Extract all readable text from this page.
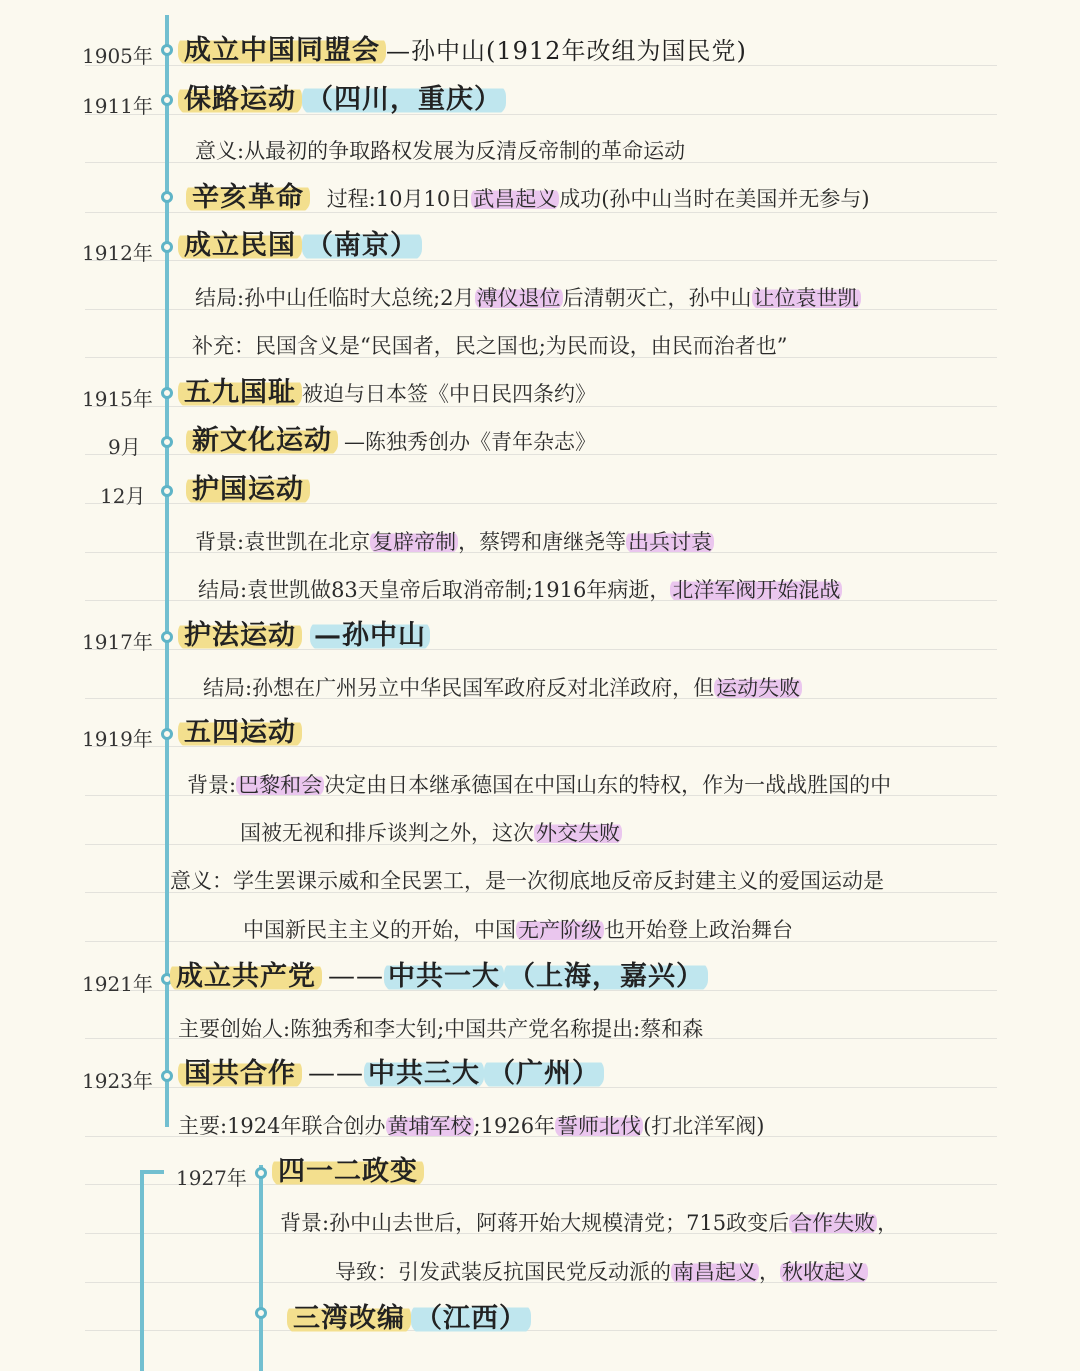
1905年 成立中国同盟会 —孙中山(1912年改组为国民党)
1911年 保路运动 （四川，重庆）
意义:从最初的争取路权发展为反清反帝制的革命运动
辛亥革命 过程:10月10日武昌起义成功(孙中山当时在美国并无参与)
1912年 成立民国 （南京）
结局:孙中山任临时大总统;2月溥仪退位后清朝灭亡，孙中山让位袁世凯
补充：民国含义是“民国者，民之国也;为民而设，由民而治者也”
1915年 五九国耻 被迫与日本签《中日民四条约》
9月 新文化运动 —陈独秀创办《青年杂志》
12月 护国运动
背景:袁世凯在北京复辟帝制，蔡锷和唐继尧等出兵讨袁
结局:袁世凯做83天皇帝后取消帝制;1916年病逝，北洋军阀开始混战
1917年 护法运动 —孙中山
结局:孙想在广州另立中华民国军政府反对北洋政府，但运动失败
1919年 五四运动
背景:巴黎和会决定由日本继承德国在中国山东的特权，作为一战战胜国的中
国被无视和排斥谈判之外，这次外交失败
意义：学生罢课示威和全民罢工，是一次彻底地反帝反封建主义的爱国运动是
中国新民主主义的开始，中国无产阶级也开始登上政治舞台
1921年 成立共产党 —— 中共一大 （上海，嘉兴）
主要创始人:陈独秀和李大钊;中国共产党名称提出:蔡和森
1923年 国共合作 —— 中共三大 （广州）
主要:1924年联合创办黄埔军校;1926年誓师北伐(打北洋军阀)
1927年 四一二政变
背景:孙中山去世后，阿蒋开始大规模清党；715政变后合作失败，
导致：引发武装反抗国民党反动派的南昌起义，秋收起义
三湾改编 （江西）
